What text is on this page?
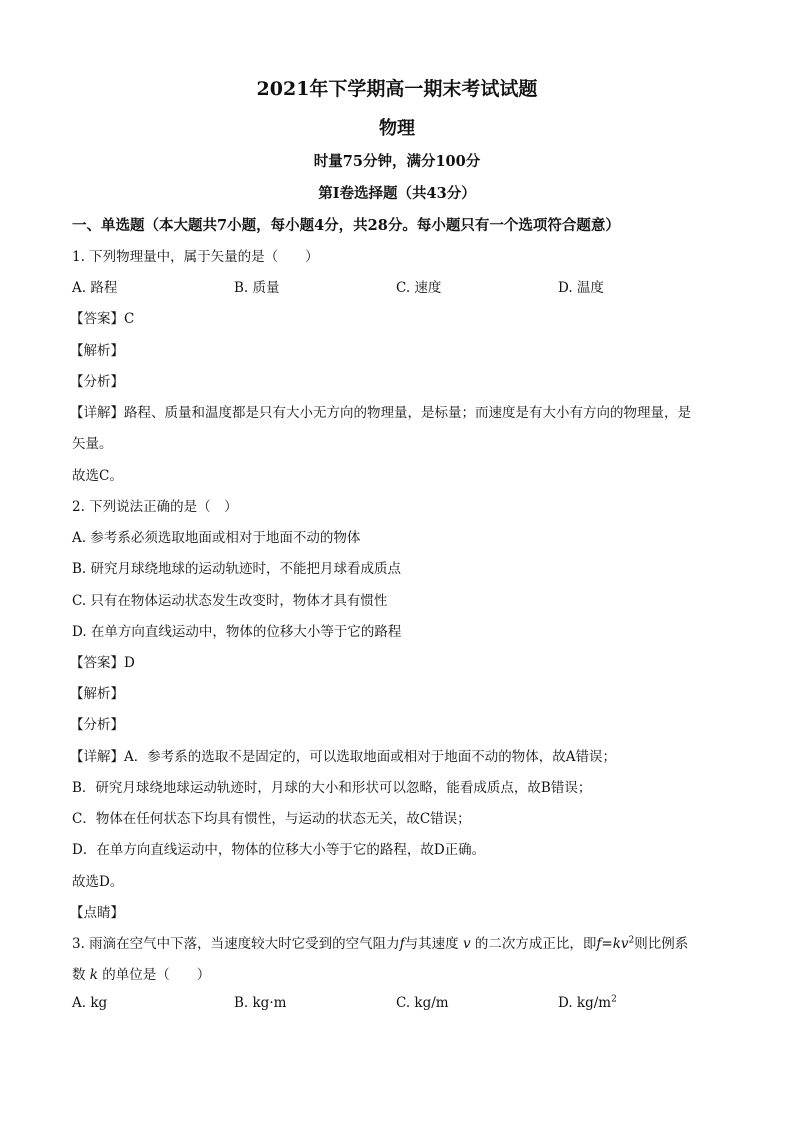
2021年下学期高一期末考试试题
物理
时量75分钟，满分100分
第Ⅰ卷选择题（共43分）
一、单选题（本大题共7小题，每小题4分，共28分。每小题只有一个选项符合题意）
1. 下列物理量中，属于矢量的是（　　）
A. 路程	B. 质量	C. 速度	D. 温度
【答案】C
【解析】
【分析】
【详解】路程、质量和温度都是只有大小无方向的物理量，是标量；而速度是有大小有方向的物理量，是
矢量。
故选C。
2. 下列说法正确的是（　）
A. 参考系必须选取地面或相对于地面不动的物体
B. 研究月球绕地球的运动轨迹时，不能把月球看成质点
C. 只有在物体运动状态发生改变时，物体才具有惯性
D. 在单方向直线运动中，物体的位移大小等于它的路程
【答案】D
【解析】
【分析】
【详解】A．参考系的选取不是固定的，可以选取地面或相对于地面不动的物体，故A错误；
B．研究月球绕地球运动轨迹时，月球的大小和形状可以忽略，能看成质点，故B错误；
C．物体在任何状态下均具有惯性，与运动的状态无关，故C错误；
D．在单方向直线运动中，物体的位移大小等于它的路程，故D正确。
故选D。
【点睛】
3. 雨滴在空气中下落，当速度较大时它受到的空气阻力f与其速度 v 的二次方成正比，即$f=kv^2$则比例系
数 k 的单位是（　　）
A. kg	B. kg·m	C. kg/m	D. $kg/m^2$
